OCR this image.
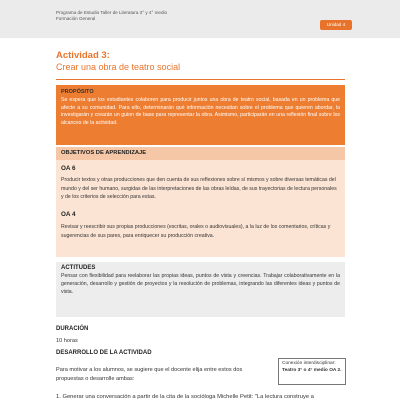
Programa de Estudio Taller de Literatura 3° y 4° medio
Formación General
Unidad 4
Actividad 3:
Crear una obra de teatro social
PROPÓSITO
Se espera que los estudiantes colaboren para producir juntos una obra de teatro social, basada en un problema que afecte a su comunidad. Para ello, determinarán qué información necesitan sobre el problema que quieren abordar, la investigarán y crearán un guion de base para representar la obra. Asimismo, participarán en una reflexión final sobre los alcances de la actividad.
OBJETIVOS DE APRENDIZAJE
OA 6
Producir textos y otras producciones que den cuenta de sus reflexiones sobre sí mismos y sobre diversas temáticas del mundo y del ser humano, surgidas de las interpretaciones de las obras leídas, de sus trayectorias de lectura personales y de los criterios de selección para estas.
OA 4
Revisar y reescribir sus propias producciones (escritas, orales o audiovisuales), a la luz de los comentarios, críticas y sugerencias de sus pares, para enriquecer su producción creativa.
ACTITUDES
Pensar con flexibilidad para reelaborar las propias ideas, puntos de vista y creencias. Trabajar colaborativamente en la generación, desarrollo y gestión de proyectos y la resolución de problemas, integrando las diferentes ideas y puntos de vista.
DURACIÓN
10 horas
DESARROLLO DE LA ACTIVIDAD
Para motivar a los alumnos, se sugiere que el docente elija entre estos dos propuestas o desarrolle ambas:
Conexión interdisciplinar:
Teatro 3° o 4° medio OA 2.
1. Generar una conversación a partir de la cita de la socióloga Michelle Petit: "La lectura construye a
